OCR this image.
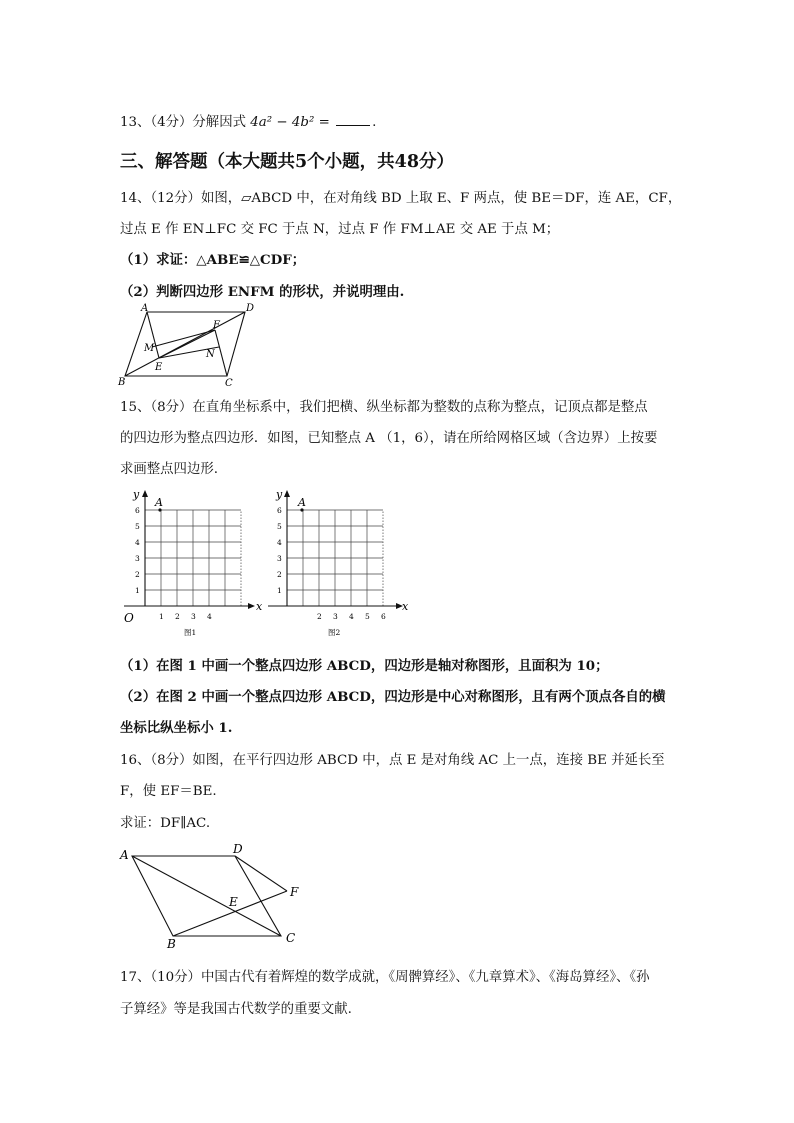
13、（4分）分解因式 4a² − 4b² =	.
三、解答题（本大题共5个小题，共48分）
14、（12分）如图，▱ABCD 中，在对角线 BD 上取 E、F 两点，使 BE＝DF，连 AE，CF，
过点 E 作 EN⊥FC 交 FC 于点 N，过点 F 作 FM⊥AE 交 AE 于点 M；
（1）求证：△ABE≌△CDF；
（2）判断四边形 ENFM 的形状，并说明理由.
A	D
B	C
F
E
M
N
15、（8分）在直角坐标系中，我们把横、纵坐标都为整数的点称为整点，记顶点都是整点
的四边形为整点四边形．如图，已知整点 A （1，6），请在所给网格区域（含边界）上按要
求画整点四边形.
y
x
O
A
1
2
3
4
5
6
1 2 3 4
图1
y
x
A
1
2
3
4
5
6
2 3 4 5 6
图2
（1）在图 1 中画一个整点四边形 ABCD，四边形是轴对称图形，且面积为 10；
（2）在图 2 中画一个整点四边形 ABCD，四边形是中心对称图形，且有两个顶点各自的横
坐标比纵坐标小 1.
16、（8分）如图，在平行四边形 ABCD 中，点 E 是对角线 AC 上一点，连接 BE 并延长至
F，使 EF＝BE.
求证：DF∥AC.
A	D
F
E
B	C
17、（10分）中国古代有着辉煌的数学成就，《周髀算经》、《九章算术》、《海岛算经》、《孙
子算经》等是我国古代数学的重要文献.
